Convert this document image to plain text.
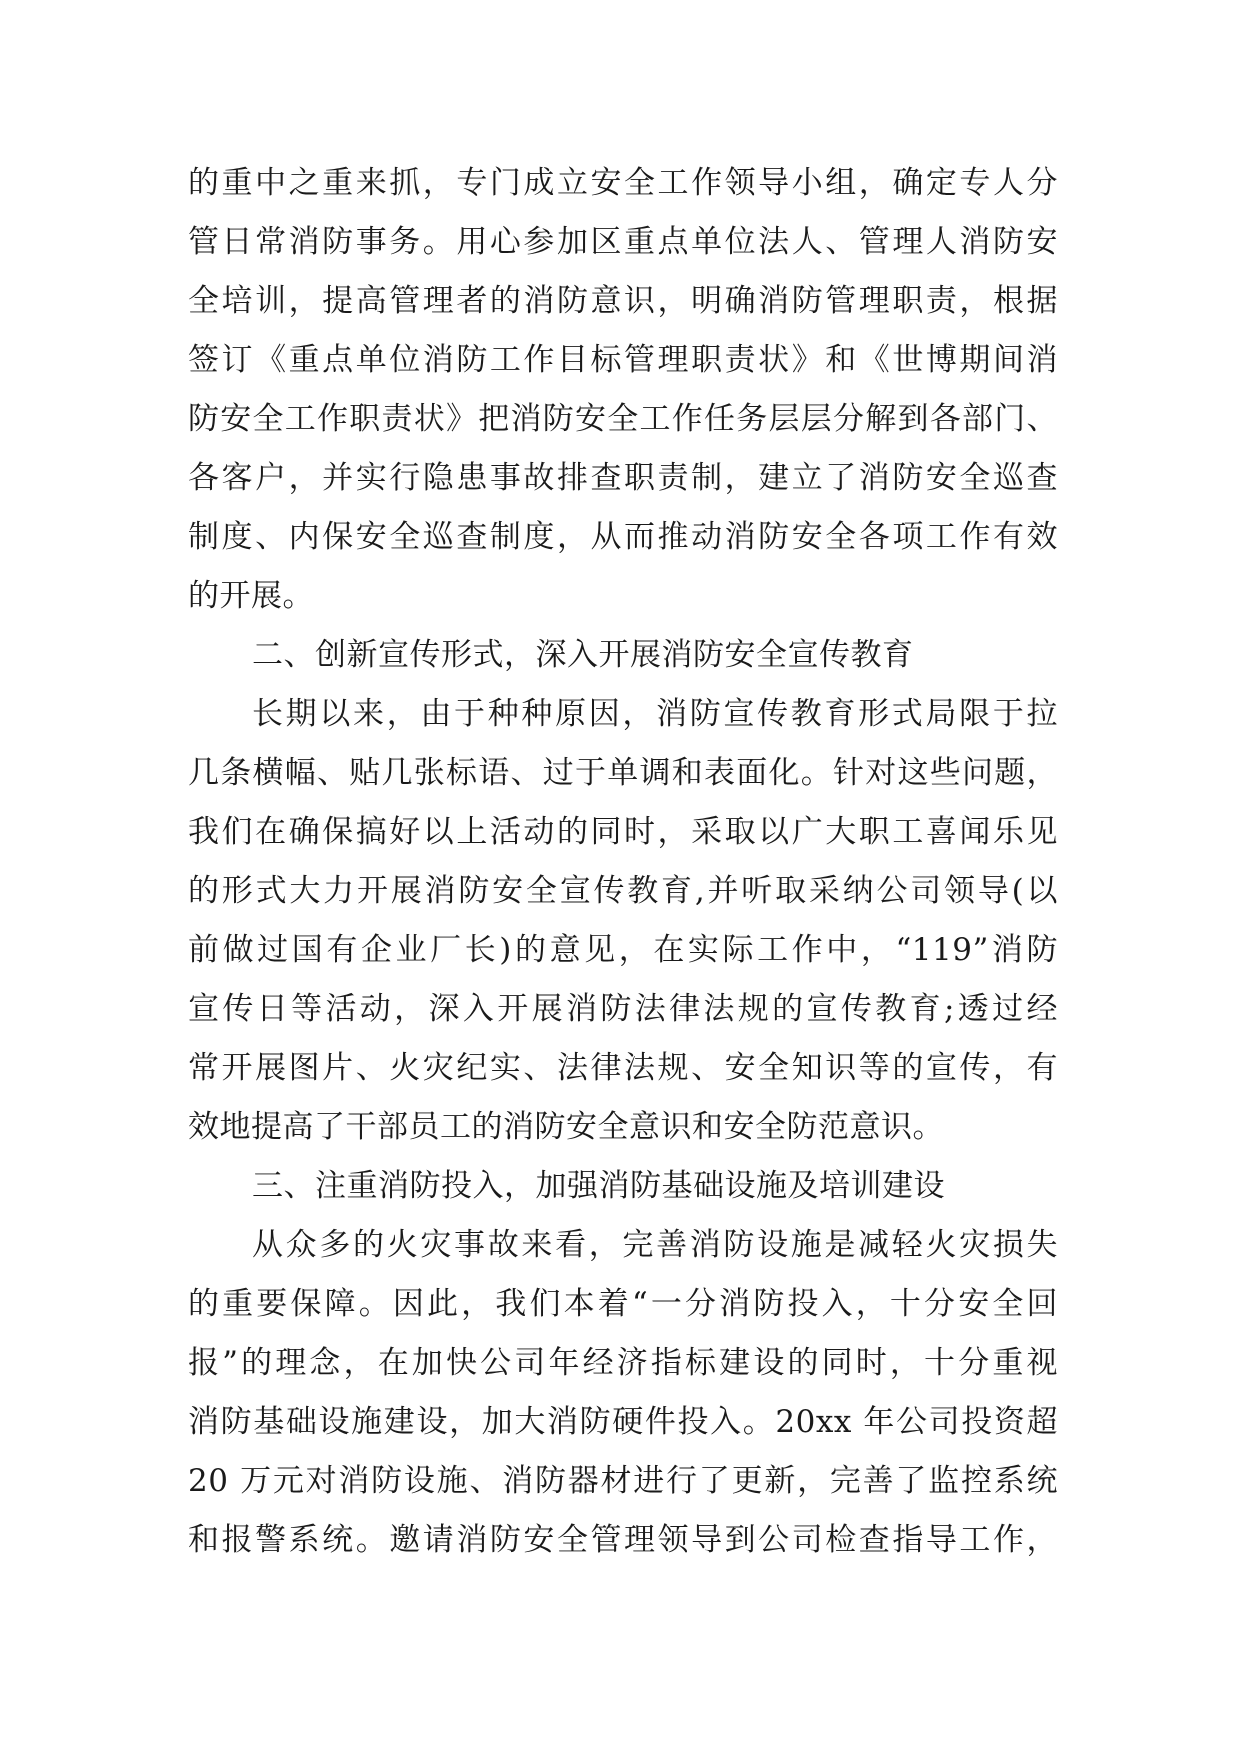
的重中之重来抓，专门成立安全工作领导小组，确定专人分
管日常消防事务。用心参加区重点单位法人、管理人消防安
全培训，提高管理者的消防意识，明确消防管理职责，根据
签订《重点单位消防工作目标管理职责状》和《世博期间消
防安全工作职责状》把消防安全工作任务层层分解到各部门、
各客户，并实行隐患事故排查职责制，建立了消防安全巡查
制度、内保安全巡查制度，从而推动消防安全各项工作有效
的开展。
二、创新宣传形式，深入开展消防安全宣传教育
长期以来，由于种种原因，消防宣传教育形式局限于拉
几条横幅、贴几张标语、过于单调和表面化。针对这些问题，
我们在确保搞好以上活动的同时，采取以广大职工喜闻乐见
的形式大力开展消防安全宣传教育,并听取采纳公司领导(以
前做过国有企业厂长)的意见，在实际工作中，“119”消防
宣传日等活动，深入开展消防法律法规的宣传教育;透过经
常开展图片、火灾纪实、法律法规、安全知识等的宣传，有
效地提高了干部员工的消防安全意识和安全防范意识。
三、注重消防投入，加强消防基础设施及培训建设
从众多的火灾事故来看，完善消防设施是减轻火灾损失
的重要保障。因此，我们本着“一分消防投入，十分安全回
报”的理念，在加快公司年经济指标建设的同时，十分重视
消防基础设施建设，加大消防硬件投入。20xx 年公司投资超
20 万元对消防设施、消防器材进行了更新，完善了监控系统
和报警系统。邀请消防安全管理领导到公司检查指导工作，
